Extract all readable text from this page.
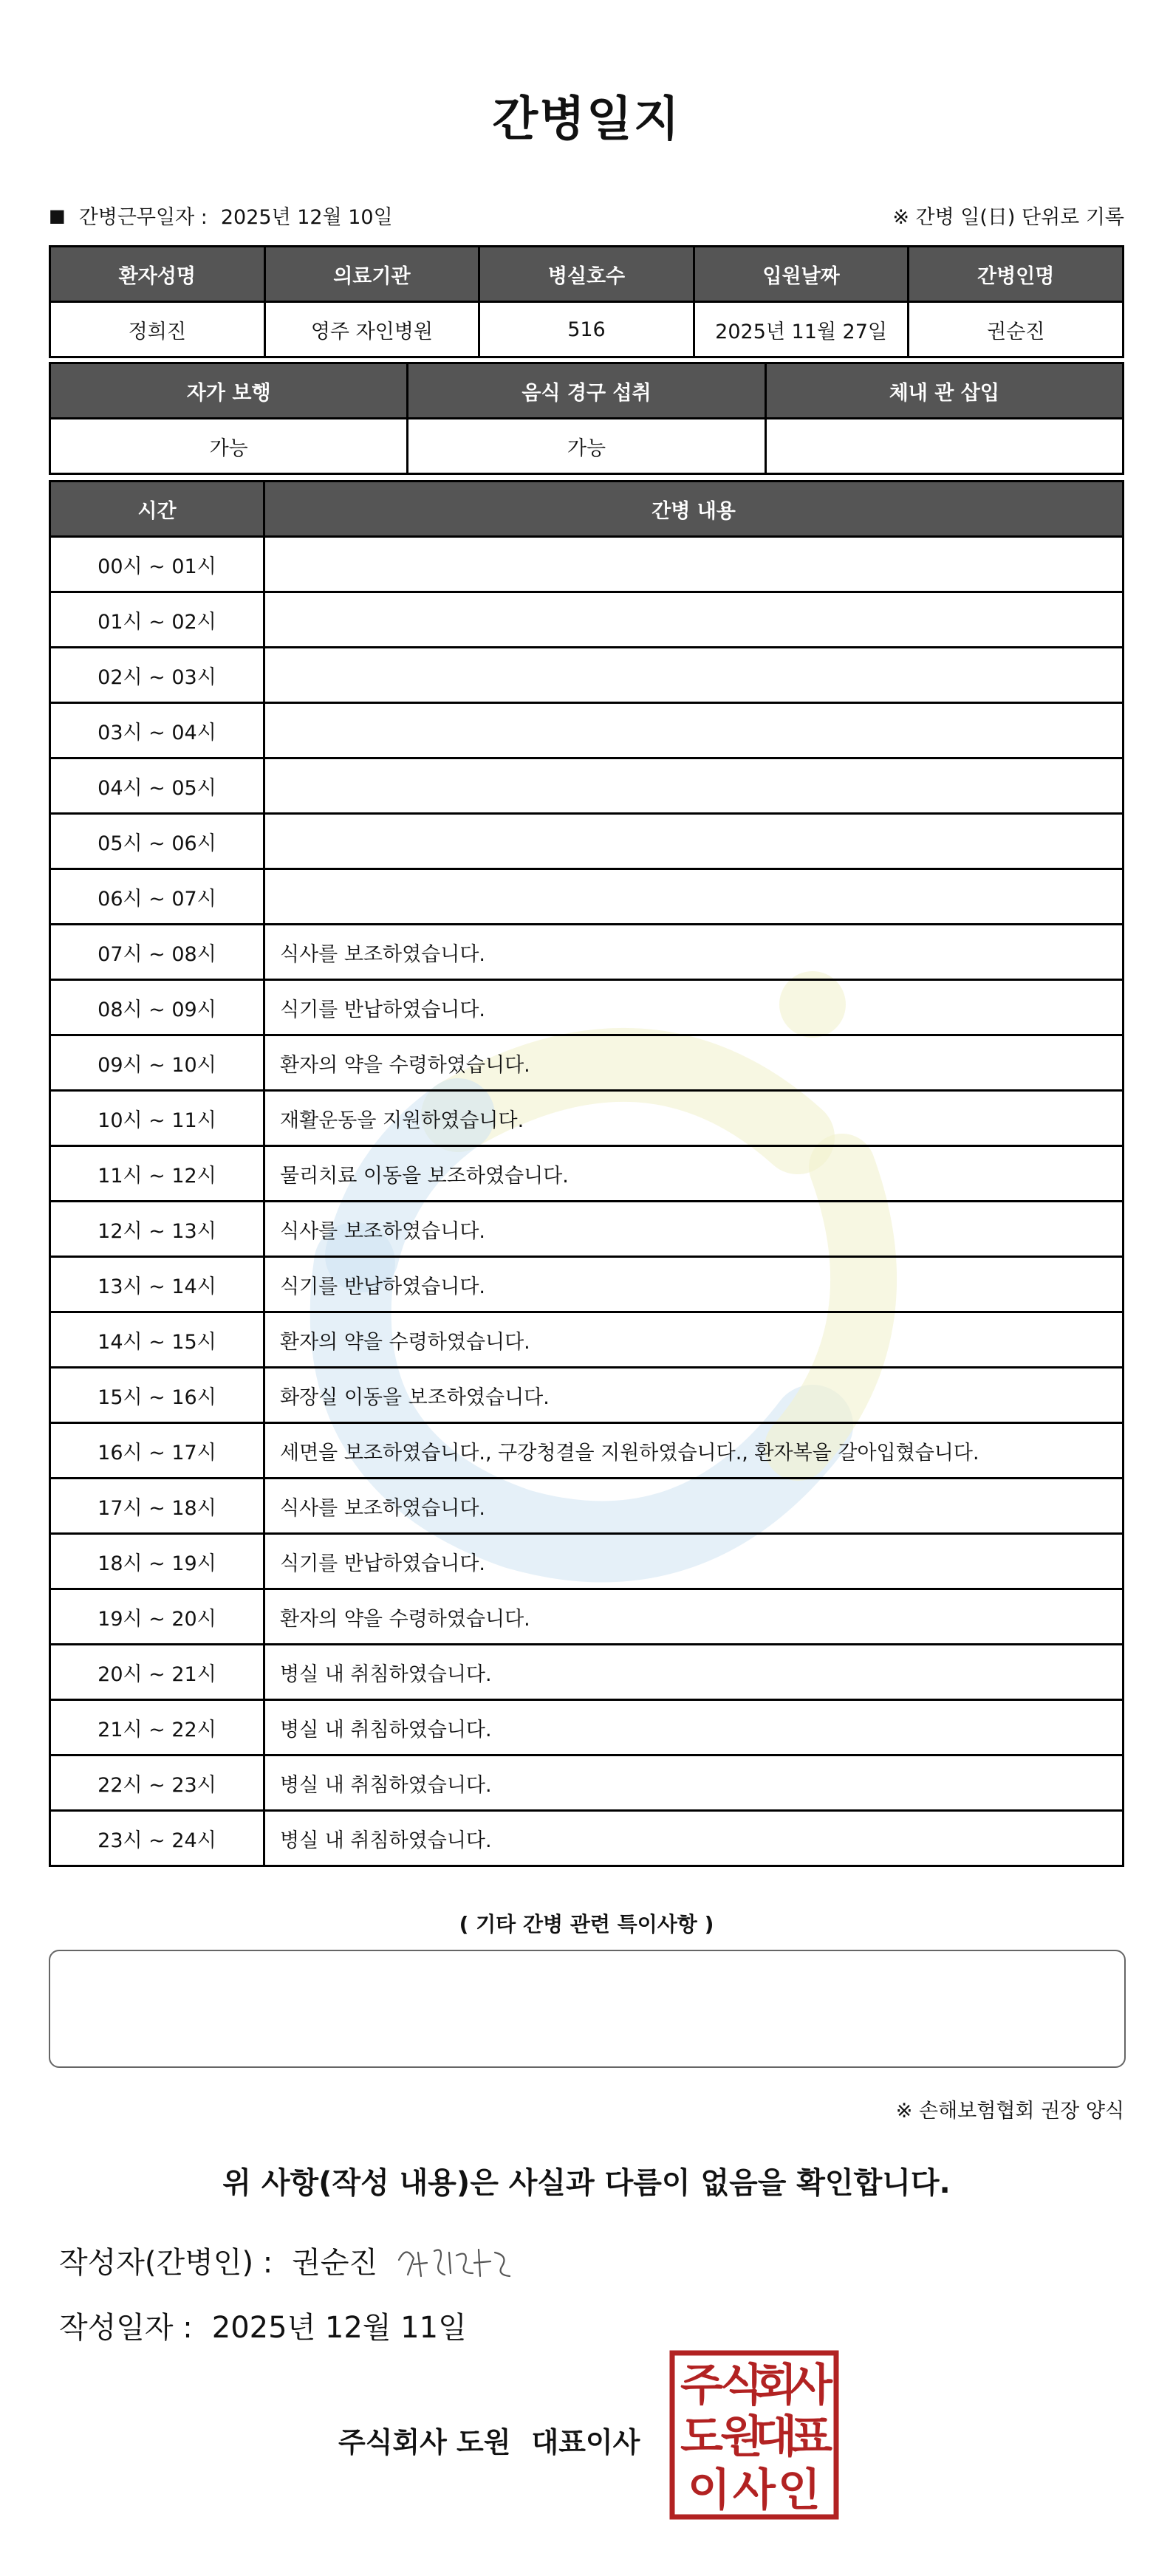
간병일지
■ 간병근무일자 : 2025년 12월 10일	※ 간병 일(日) 단위로 기록
환자성명	의료기관	병실호수	입원날짜	간병인명
정희진	영주 자인병원	516	2025년 11월 27일	권순진
자가 보행	음식 경구 섭취	체내 관 삽입
가능	가능	
시간	간병 내용
00시 ~ 01시	
01시 ~ 02시	
02시 ~ 03시	
03시 ~ 04시	
04시 ~ 05시	
05시 ~ 06시	
06시 ~ 07시	
07시 ~ 08시	식사를 보조하였습니다.
08시 ~ 09시	식기를 반납하였습니다.
09시 ~ 10시	환자의 약을 수령하였습니다.
10시 ~ 11시	재활운동을 지원하였습니다.
11시 ~ 12시	물리치료 이동을 보조하였습니다.
12시 ~ 13시	식사를 보조하였습니다.
13시 ~ 14시	식기를 반납하였습니다.
14시 ~ 15시	환자의 약을 수령하였습니다.
15시 ~ 16시	화장실 이동을 보조하였습니다.
16시 ~ 17시	세면을 보조하였습니다., 구강청결을 지원하였습니다., 환자복을 갈아입혔습니다.
17시 ~ 18시	식사를 보조하였습니다.
18시 ~ 19시	식기를 반납하였습니다.
19시 ~ 20시	환자의 약을 수령하였습니다.
20시 ~ 21시	병실 내 취침하였습니다.
21시 ~ 22시	병실 내 취침하였습니다.
22시 ~ 23시	병실 내 취침하였습니다.
23시 ~ 24시	병실 내 취침하였습니다.
( 기타 간병 관련 특이사항 )
※ 손해보험협회 권장 양식
위 사항(작성 내용)은 사실과 다름이 없음을 확인합니다.
작성자(간병인) : 권순진
작성일자 : 2025년 12월 11일
주식회사 도원 대표이사
주
식
회
사
도
원
대
표
이 사 인
